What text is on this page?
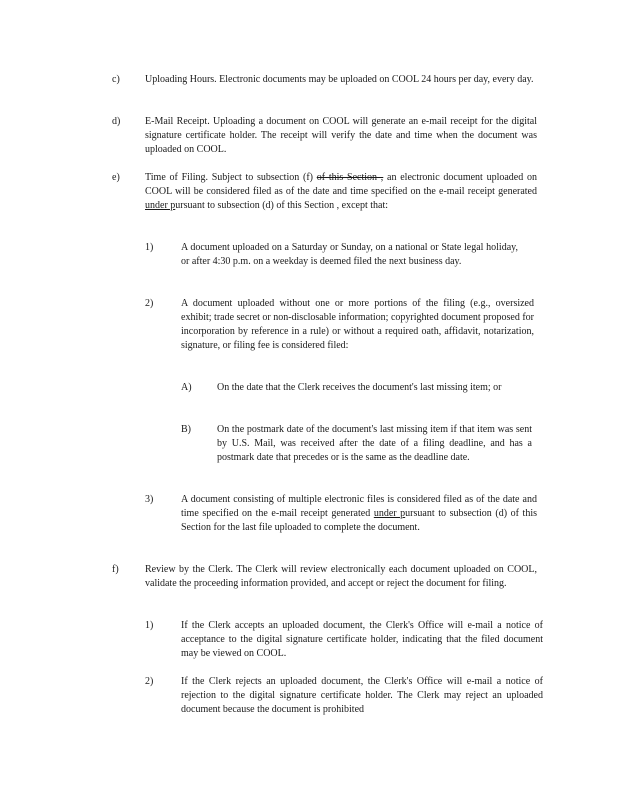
c)	Uploading Hours. Electronic documents may be uploaded on COOL 24 hours per day, every day.
d) E-Mail Receipt. Uploading a document on COOL will generate an e-mail receipt for the digital signature certificate holder. The receipt will verify the date and time when the document was uploaded on COOL.
e)	Time of Filing. Subject to subsection (f) of this Section , an electronic document uploaded on COOL will be considered filed as of the date and time specified on the e-mail receipt generated under pursuant to subsection (d) of this Section , except that:
1)	A document uploaded on a Saturday or Sunday, on a national or State legal holiday, or after 4:30 p.m. on a weekday is deemed filed the next business day.
2)	A document uploaded without one or more portions of the filing (e.g., oversized exhibit; trade secret or non-disclosable information; copyrighted document proposed for incorporation by reference in a rule) or without a required oath, affidavit, notarization, signature, or filing fee is considered filed:
A)	On the date that the Clerk receives the document's last missing item; or
B)	On the postmark date of the document's last missing item if that item was sent by U.S. Mail, was received after the date of a filing deadline, and has a postmark date that precedes or is the same as the deadline date.
3)	A document consisting of multiple electronic files is considered filed as of the date and time specified on the e-mail receipt generated under pursuant to subsection (d) of this Section for the last file uploaded to complete the document.
f)	Review by the Clerk. The Clerk will review electronically each document uploaded on COOL, validate the proceeding information provided, and accept or reject the document for filing.
1)	If the Clerk accepts an uploaded document, the Clerk's Office will e-mail a notice of acceptance to the digital signature certificate holder, indicating that the filed document may be viewed on COOL.
2)	If the Clerk rejects an uploaded document, the Clerk's Office will e-mail a notice of rejection to the digital signature certificate holder. The Clerk may reject an uploaded document because the document is prohibited
